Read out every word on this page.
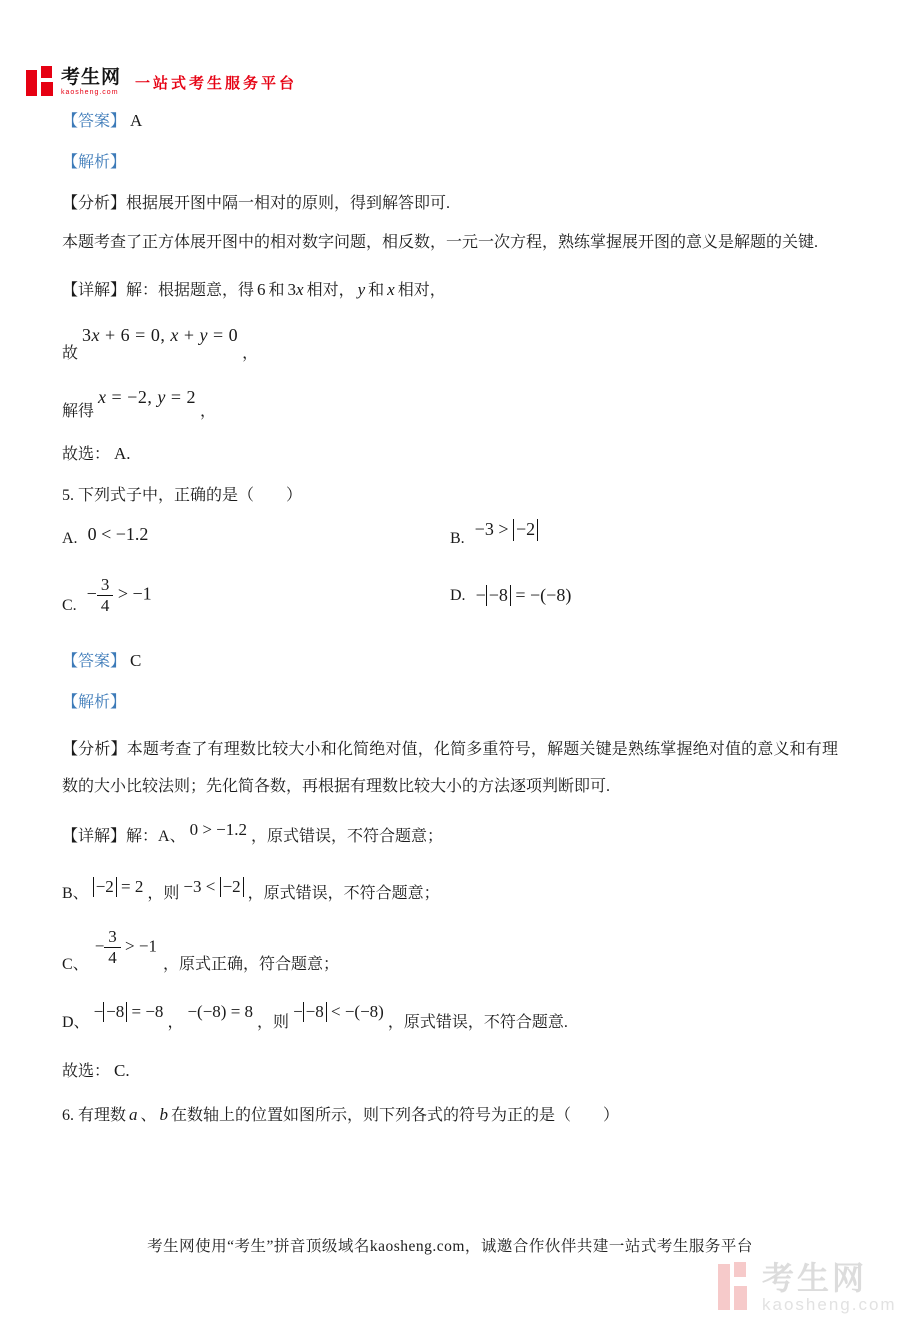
考生网
kaosheng.com
一站式考生服务平台

【答案】 A

【解析】

【分析】根据展开图中隔一相对的原则，得到解答即可.

本题考查了正方体展开图中的相对数字问题，相反数，一元一次方程，熟练掌握展开图的意义是解题的关键.

【详解】解：根据题意，得 6 和 3x 相对， y 和 x 相对，

故
3x + 6 = 0, x + y = 0
，
解得
x = −2, y = 2
，

故选： A.

5. 下列式子中，正确的是（　　）

A. 0 < −1.2	B. −3 > −2
C.
− $\frac{3}{4} > -1$	D. − −8 = −(−8)

【答案】 C

【解析】

【分析】本题考查了有理数比较大小和化简绝对值，化简多重符号，解题关键是熟练掌握绝对值的意义和有理数的大小比较法则；先化简各数，再根据有理数比较大小的方法逐项判断即可.

【详解】解：A、 0 > −1.2 ，原式错误，不符合题意；

B、 −2 = 2 ，则 −3 < −2 ，原式错误，不符合题意；

C、
− $\frac{3}{4} > -1$
，原式正确，符合题意；

D、− −8 = −8，−(−8) = 8，则− −8 < −(−8)，原式错误，不符合题意.

故选： C.

6. 有理数 a 、 b 在数轴上的位置如图所示，则下列各式的符号为正的是（　　）

考生网使用“考生”拼音顶级域名kaosheng.com，诚邀合作伙伴共建一站式考生服务平台
考生网
kaosheng.com
